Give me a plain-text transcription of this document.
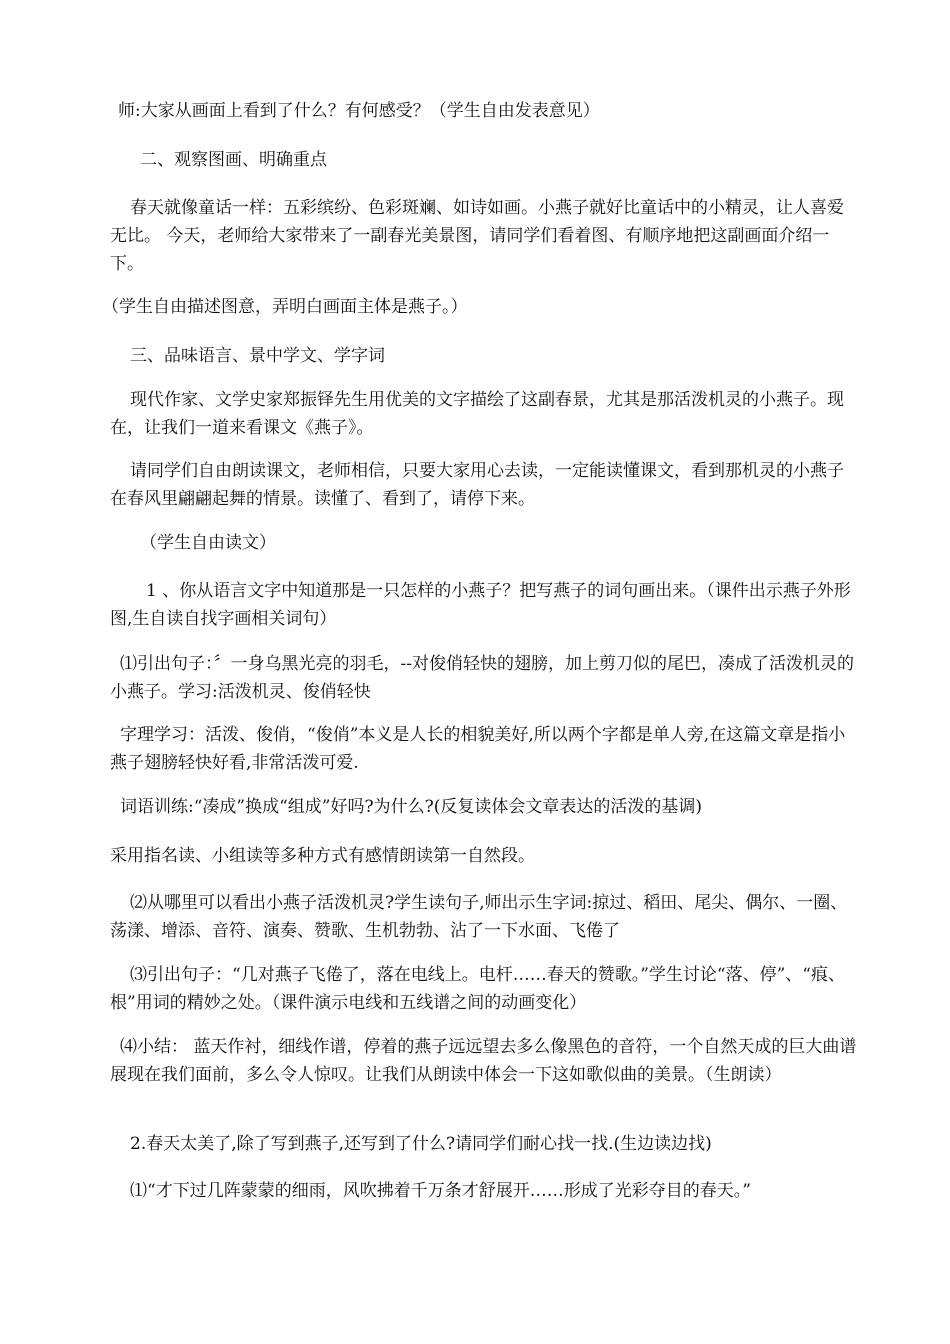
师:大家从画面上看到了什么？有何感受？（学生自由发表意见）

二、观察图画、明确重点

春天就像童话一样：五彩缤纷、色彩斑斓、如诗如画。小燕子就好比童话中的小精灵，让人喜爱无比。 今天，老师给大家带来了一副春光美景图，请同学们看着图、有顺序地把这副画面介绍一下。

（学生自由描述图意，弄明白画面主体是燕子。）

三、品味语言、景中学文、学字词

现代作家、文学史家郑振铎先生用优美的文字描绘了这副春景，尤其是那活泼机灵的小燕子。现在，让我们一道来看课文《燕子》。

请同学们自由朗读课文，老师相信，只要大家用心去读，一定能读懂课文，看到那机灵的小燕子在春风里翩翩起舞的情景。读懂了、看到了，请停下来。

（学生自由读文）

1 、你从语言文字中知道那是一只怎样的小燕子？把写燕子的词句画出来。（课件出示燕子外形图,生自读自找字画相关词句）

⑴引出句子：〞一身乌黑光亮的羽毛，--对俊俏轻快的翅膀，加上剪刀似的尾巴，凑成了活泼机灵的小燕子。学习:活泼机灵、俊俏轻快

字理学习：活泼、俊俏，“俊俏”本义是人长的相貌美好,所以两个字都是单人旁,在这篇文章是指小燕子翅膀轻快好看,非常活泼可爱.

词语训练:“凑成”换成“组成”好吗?为什么?(反复读体会文章表达的活泼的基调)

采用指名读、小组读等多种方式有感情朗读第一自然段。

⑵从哪里可以看出小燕子活泼机灵?学生读句子,师出示生字词:掠过、稻田、尾尖、偶尔、一圈、荡漾、增添、音符、演奏、赞歌、生机勃勃、沾了一下水面、飞倦了

⑶引出句子：“几对燕子飞倦了，落在电线上。电杆……春天的赞歌。”学生讨论“落、停”、“痕、根”用词的精妙之处。（课件演示电线和五线谱之间的动画变化）

⑷小结： 蓝天作衬，细线作谱，停着的燕子远远望去多么像黑色的音符，一个自然天成的巨大曲谱展现在我们面前，多么令人惊叹。让我们从朗读中体会一下这如歌似曲的美景。（生朗读）

2.春天太美了,除了写到燕子,还写到了什么?请同学们耐心找一找.(生边读边找)

⑴“才下过几阵蒙蒙的细雨，风吹拂着千万条才舒展开……形成了光彩夺目的春天。”
